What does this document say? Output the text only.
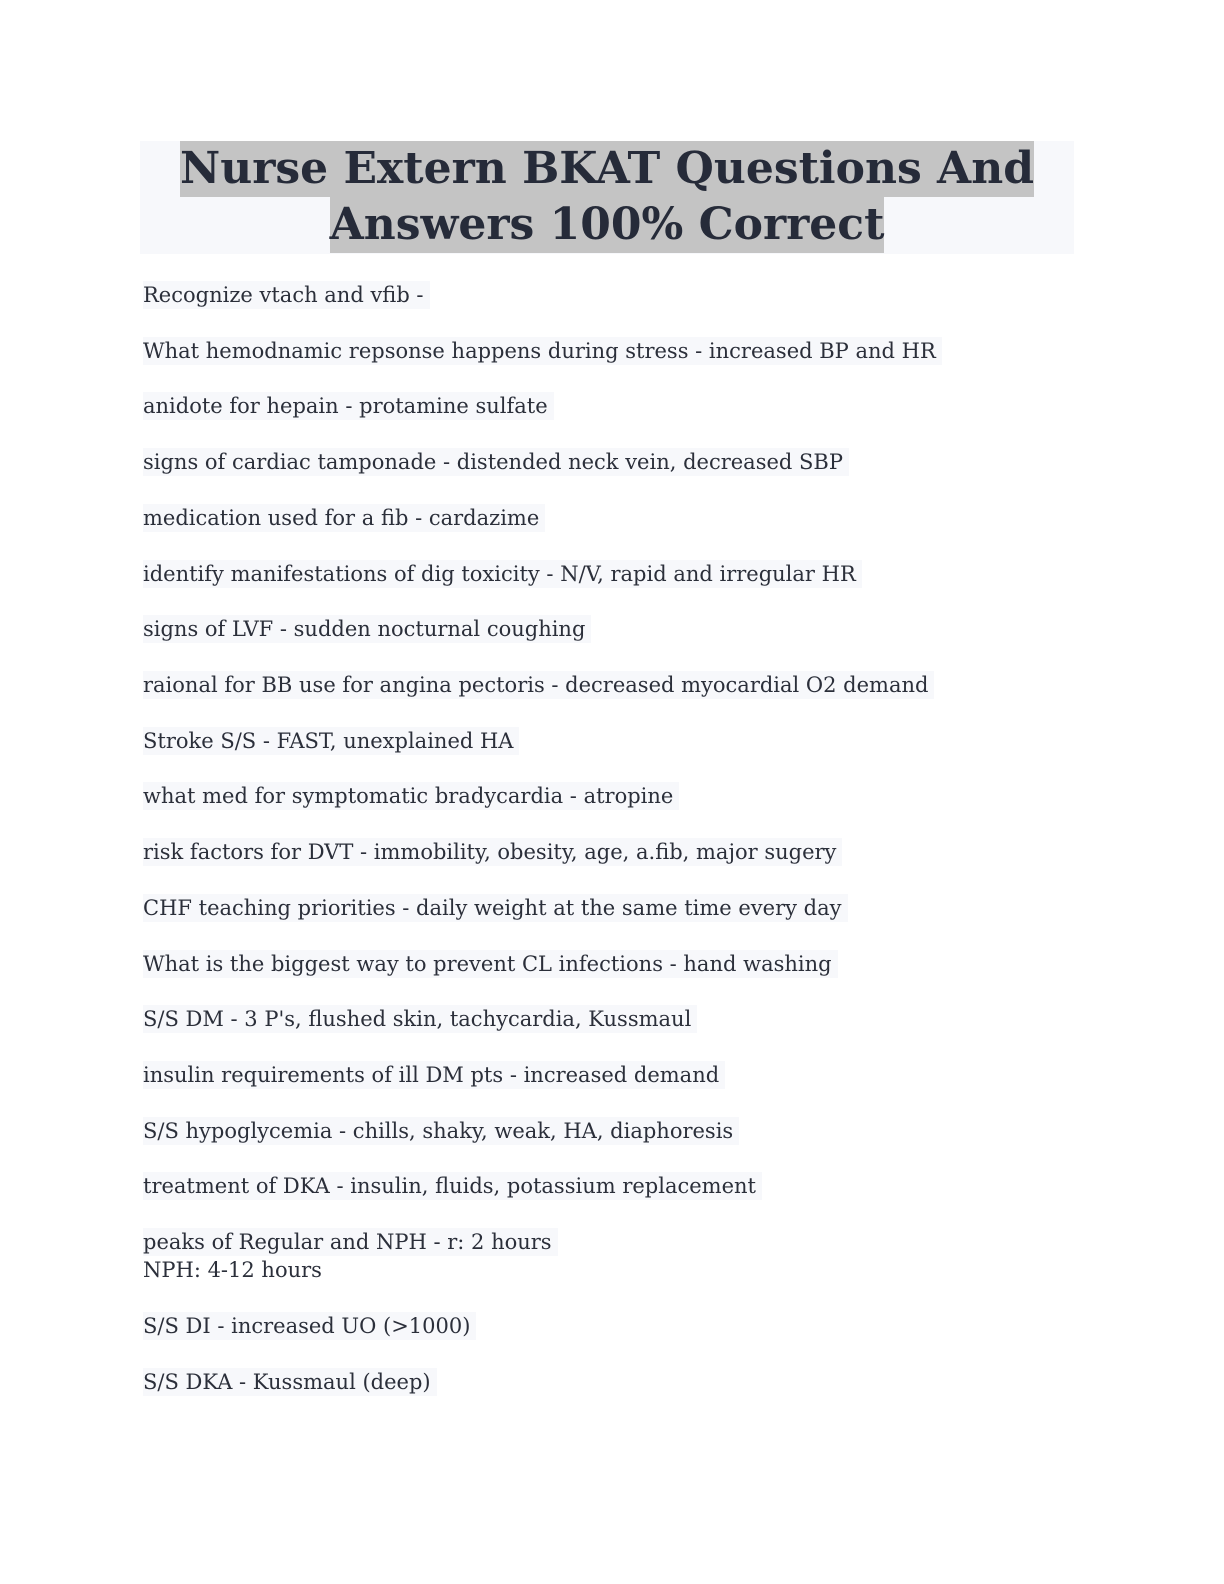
Nurse Extern BKAT Questions And
Answers 100% Correct
Recognize vtach and vfib -
What hemodnamic repsonse happens during stress - increased BP and HR
anidote for hepain - protamine sulfate
signs of cardiac tamponade - distended neck vein, decreased SBP
medication used for a fib - cardazime
identify manifestations of dig toxicity - N/V, rapid and irregular HR
signs of LVF - sudden nocturnal coughing
raional for BB use for angina pectoris - decreased myocardial O2 demand
Stroke S/S - FAST, unexplained HA
what med for symptomatic bradycardia - atropine
risk factors for DVT - immobility, obesity, age, a.fib, major sugery
CHF teaching priorities - daily weight at the same time every day
What is the biggest way to prevent CL infections - hand washing
S/S DM - 3 P's, flushed skin, tachycardia, Kussmaul
insulin requirements of ill DM pts - increased demand
S/S hypoglycemia - chills, shaky, weak, HA, diaphoresis
treatment of DKA - insulin, fluids, potassium replacement
peaks of Regular and NPH - r: 2 hours
NPH: 4-12 hours
S/S DI - increased UO (>1000)
S/S DKA - Kussmaul (deep)
